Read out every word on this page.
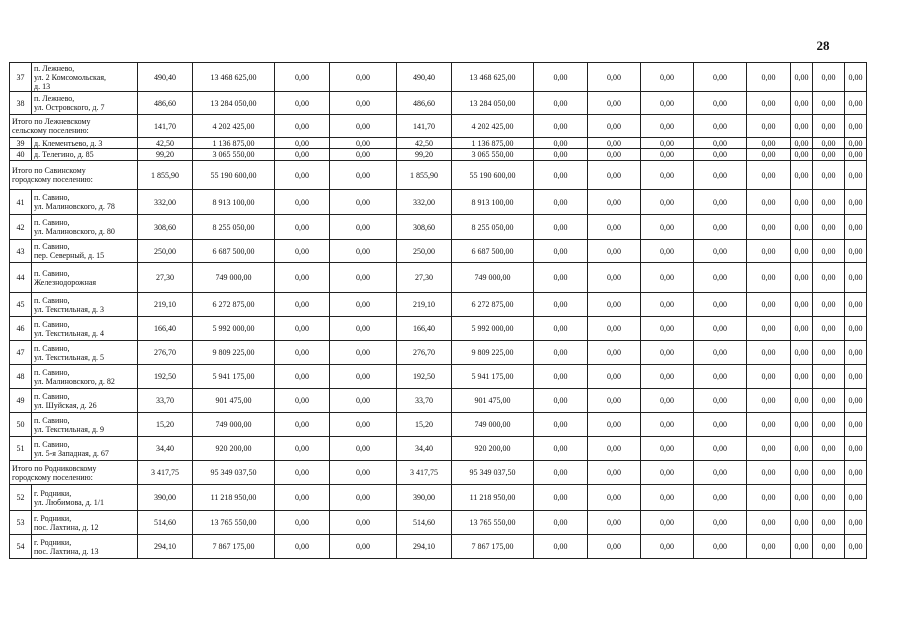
28
37	п. Лежнево,
ул. 2 Комсомольская,
д. 13	490,40	13 468 625,00	0,00	0,00	490,40	13 468 625,00	0,00	0,00	0,00	0,00	0,00	0,00	0,00	0,00
38	п. Лежнево,
ул. Островского, д. 7	486,60	13 284 050,00	0,00	0,00	486,60	13 284 050,00	0,00	0,00	0,00	0,00	0,00	0,00	0,00	0,00

Итого по Лежневскому
сельскому поселению:		141,70	4 202 425,00	0,00	0,00	141,70	4 202 425,00	0,00	0,00	0,00	0,00	0,00	0,00	0,00	0,00
39	д. Клементьево, д. 3	42,50	1 136 875,00	0,00	0,00	42,50	1 136 875,00	0,00	0,00	0,00	0,00	0,00	0,00	0,00	0,00
40	д. Телегино, д. 85	99,20	3 065 550,00	0,00	0,00	99,20	3 065 550,00	0,00	0,00	0,00	0,00	0,00	0,00	0,00	0,00

Итого по Савинскому
городскому поселению:		1 855,90	55 190 600,00	0,00	0,00	1 855,90	55 190 600,00	0,00	0,00	0,00	0,00	0,00	0,00	0,00	0,00
41	п. Савино,
ул. Малиновского, д. 78	332,00	8 913 100,00	0,00	0,00	332,00	8 913 100,00	0,00	0,00	0,00	0,00	0,00	0,00	0,00	0,00
42	п. Савино,
ул. Малиновского, д. 80	308,60	8 255 050,00	0,00	0,00	308,60	8 255 050,00	0,00	0,00	0,00	0,00	0,00	0,00	0,00	0,00
43	п. Савино,
пер. Северный, д. 15	250,00	6 687 500,00	0,00	0,00	250,00	6 687 500,00	0,00	0,00	0,00	0,00	0,00	0,00	0,00	0,00
44	п. Савино,
Железнодорожная	27,30	749 000,00	0,00	0,00	27,30	749 000,00	0,00	0,00	0,00	0,00	0,00	0,00	0,00	0,00
45	п. Савино,
ул. Текстильная, д. 3	219,10	6 272 875,00	0,00	0,00	219,10	6 272 875,00	0,00	0,00	0,00	0,00	0,00	0,00	0,00	0,00
46	п. Савино,
ул. Текстильная, д. 4	166,40	5 992 000,00	0,00	0,00	166,40	5 992 000,00	0,00	0,00	0,00	0,00	0,00	0,00	0,00	0,00
47	п. Савино,
ул. Текстильная, д. 5	276,70	9 809 225,00	0,00	0,00	276,70	9 809 225,00	0,00	0,00	0,00	0,00	0,00	0,00	0,00	0,00
48	п. Савино,
ул. Малиновского, д. 82	192,50	5 941 175,00	0,00	0,00	192,50	5 941 175,00	0,00	0,00	0,00	0,00	0,00	0,00	0,00	0,00
49	п. Савино,
ул. Шуйская, д. 26	33,70	901 475,00	0,00	0,00	33,70	901 475,00	0,00	0,00	0,00	0,00	0,00	0,00	0,00	0,00
50	п. Савино,
ул. Текстильная, д. 9	15,20	749 000,00	0,00	0,00	15,20	749 000,00	0,00	0,00	0,00	0,00	0,00	0,00	0,00	0,00
51	п. Савино,
ул. 5-я Западная, д. 67	34,40	920 200,00	0,00	0,00	34,40	920 200,00	0,00	0,00	0,00	0,00	0,00	0,00	0,00	0,00

Итого по Родниковскому
городскому поселению:		3 417,75	95 349 037,50	0,00	0,00	3 417,75	95 349 037,50	0,00	0,00	0,00	0,00	0,00	0,00	0,00	0,00
52	г. Родники,
ул. Любимова, д. 1/1	390,00	11 218 950,00	0,00	0,00	390,00	11 218 950,00	0,00	0,00	0,00	0,00	0,00	0,00	0,00	0,00
53	г. Родники,
пос. Лахтина, д. 12	514,60	13 765 550,00	0,00	0,00	514,60	13 765 550,00	0,00	0,00	0,00	0,00	0,00	0,00	0,00	0,00
54	г. Родники,
пос. Лахтина, д. 13	294,10	7 867 175,00	0,00	0,00	294,10	7 867 175,00	0,00	0,00	0,00	0,00	0,00	0,00	0,00	0,00
